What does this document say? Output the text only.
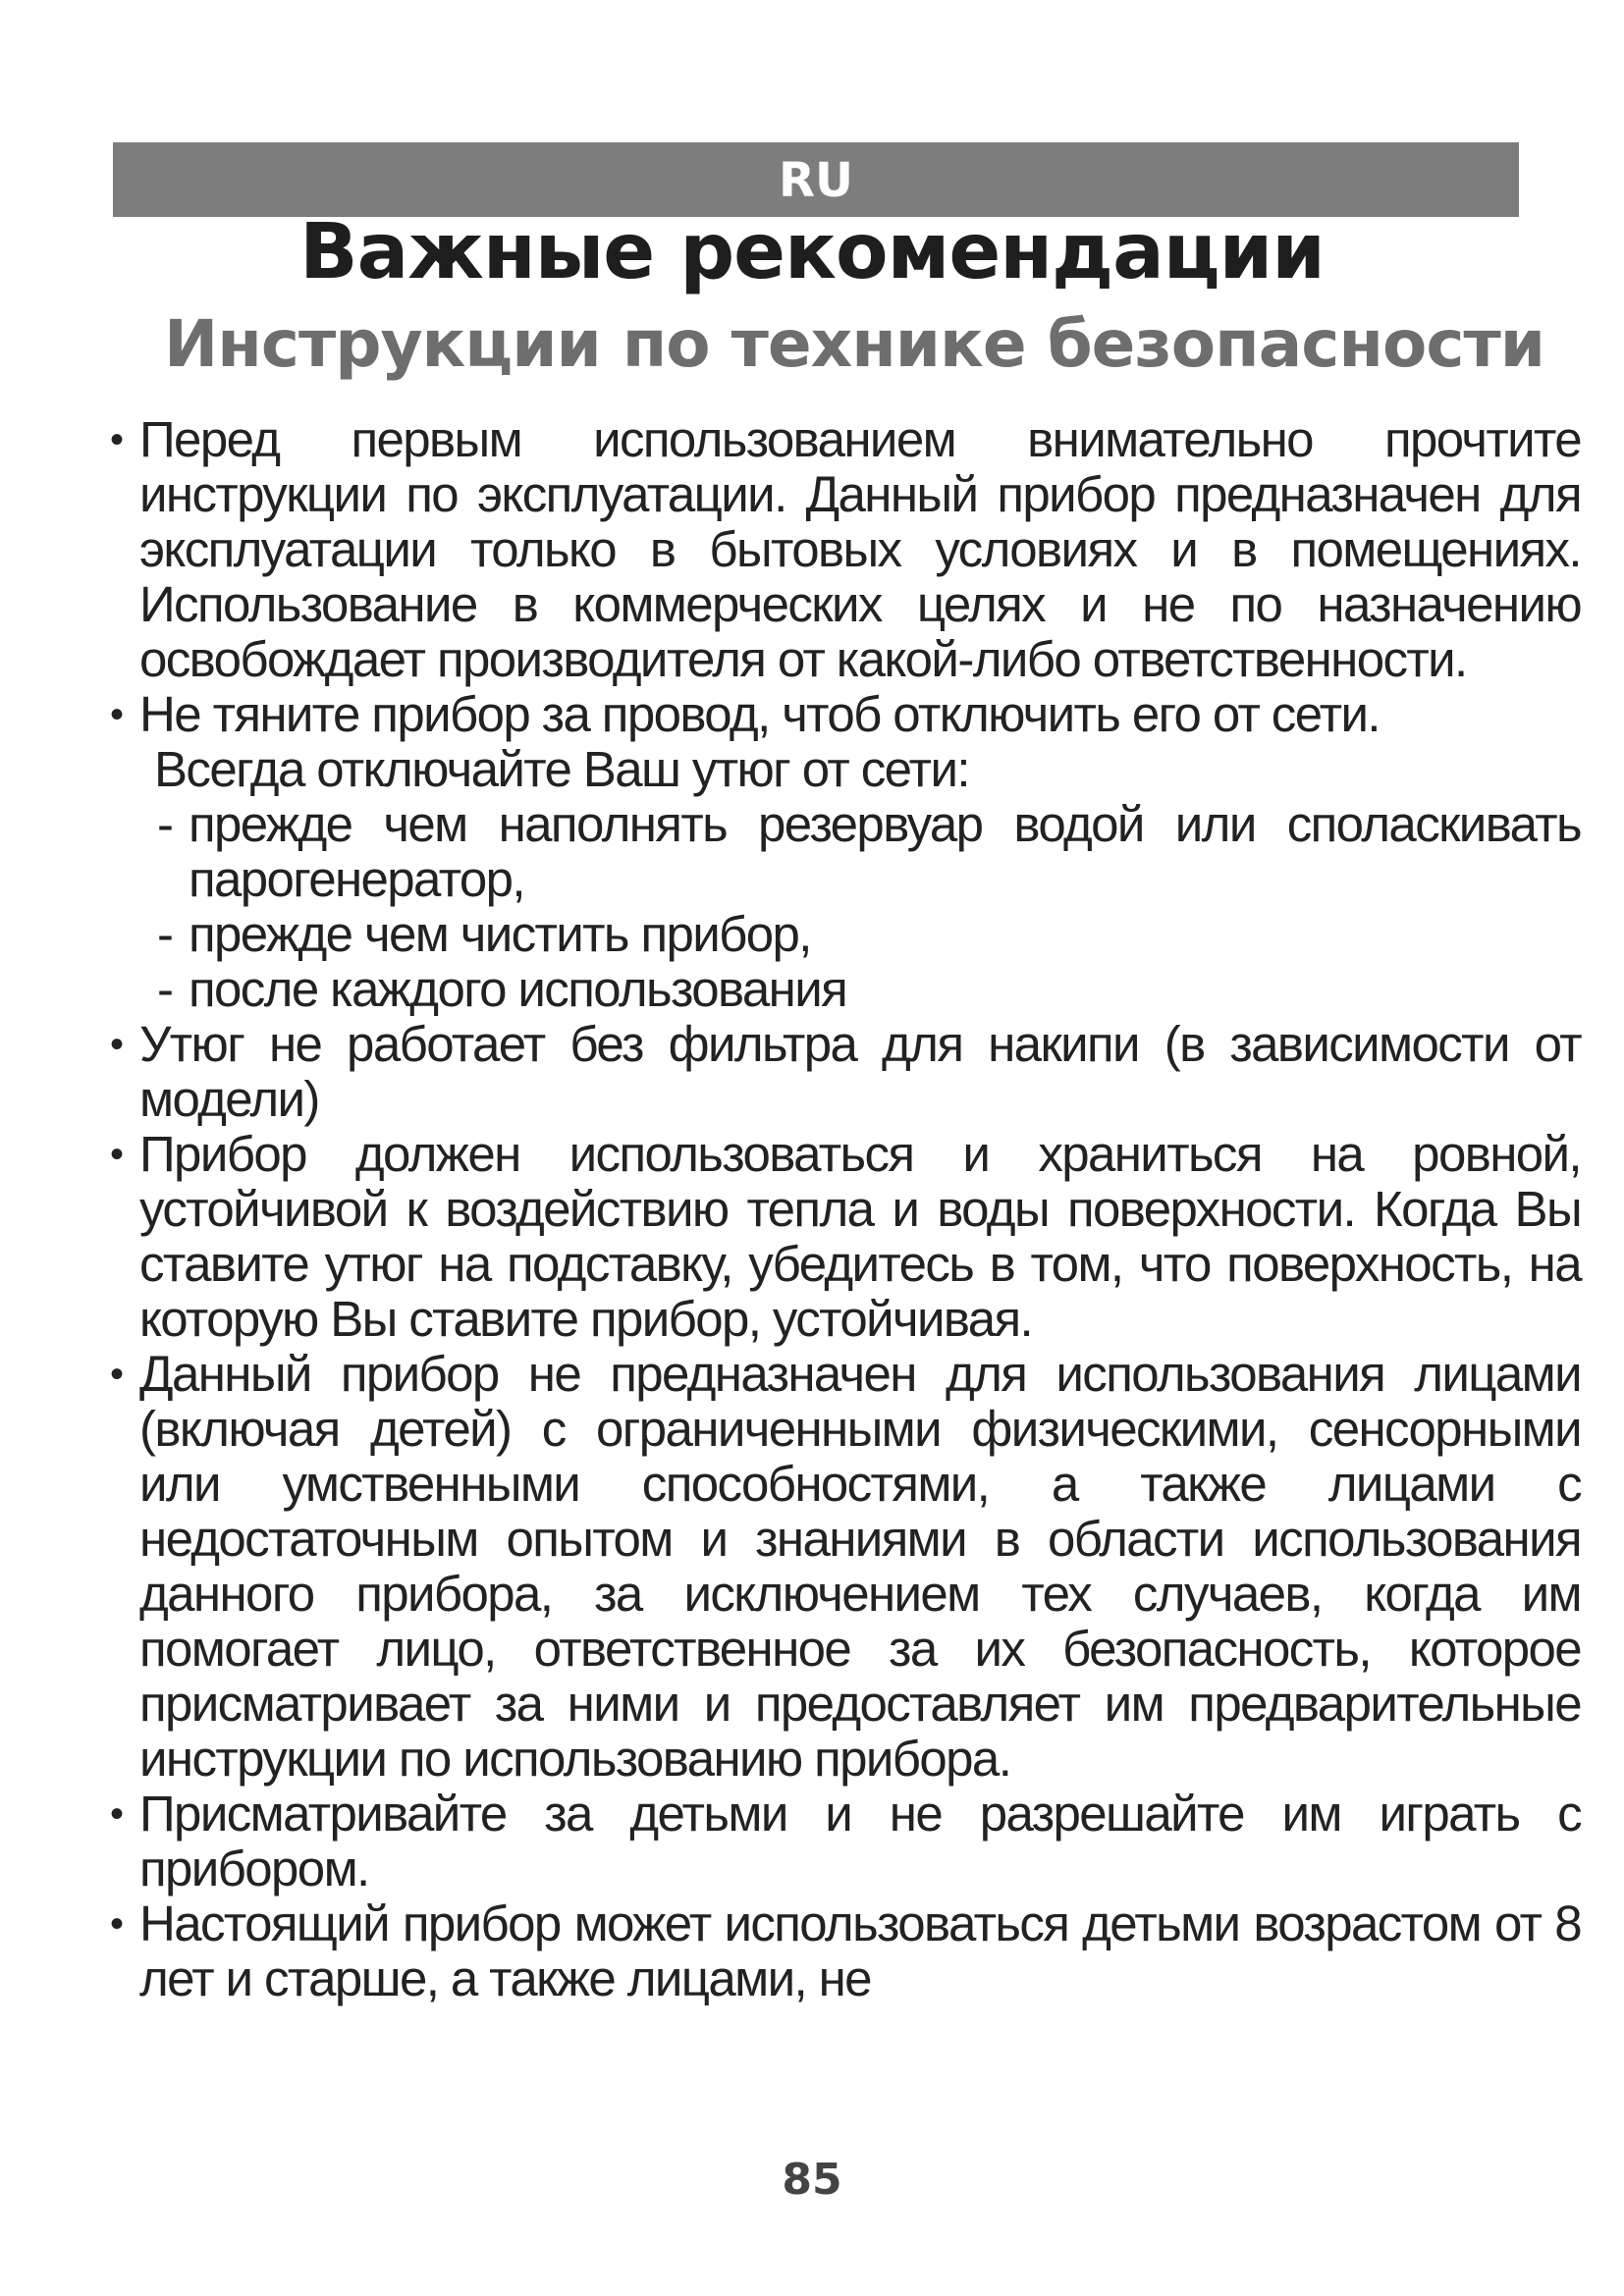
RU
Важные рекомендации
Инструкции по технике безопасности
• Перед первым использованием внимательно прочтите инструкции по эксплуатации. Данный прибор предназначен для эксплуатации только в бытовых условиях и в помещениях. Использование в коммерческих целях и не по назначению освобождает производителя от какой-либо ответственности.
• Не тяните прибор за провод, чтоб отключить его от сети.
Всегда отключайте Ваш утюг от сети:
- прежде чем наполнять резервуар водой или споласкивать парогенератор,
- прежде чем чистить прибор,
- после каждого использования
• Утюг не работает без фильтра для накипи (в зависимости от модели)
• Прибор должен использоваться и храниться на ровной, устойчивой к воздействию тепла и воды поверхности. Когда Вы ставите утюг на подставку, убедитесь в том, что поверхность, на которую Вы ставите прибор, устойчивая.
• Данный прибор не предназначен для использования лицами (включая детей) с ограниченными физическими, сенсорными или умственными способностями, а также лицами с недостаточным опытом и знаниями в области использования данного прибора, за исключением тех случаев, когда им помогает лицо, ответственное за их безопасность, которое присматривает за ними и предоставляет им предварительные инструкции по использованию прибора.
• Присматривайте за детьми и не разрешайте им играть с прибором.
• Настоящий прибор может использоваться детьми возрастом от 8 лет и старше, а также лицами, не
85
